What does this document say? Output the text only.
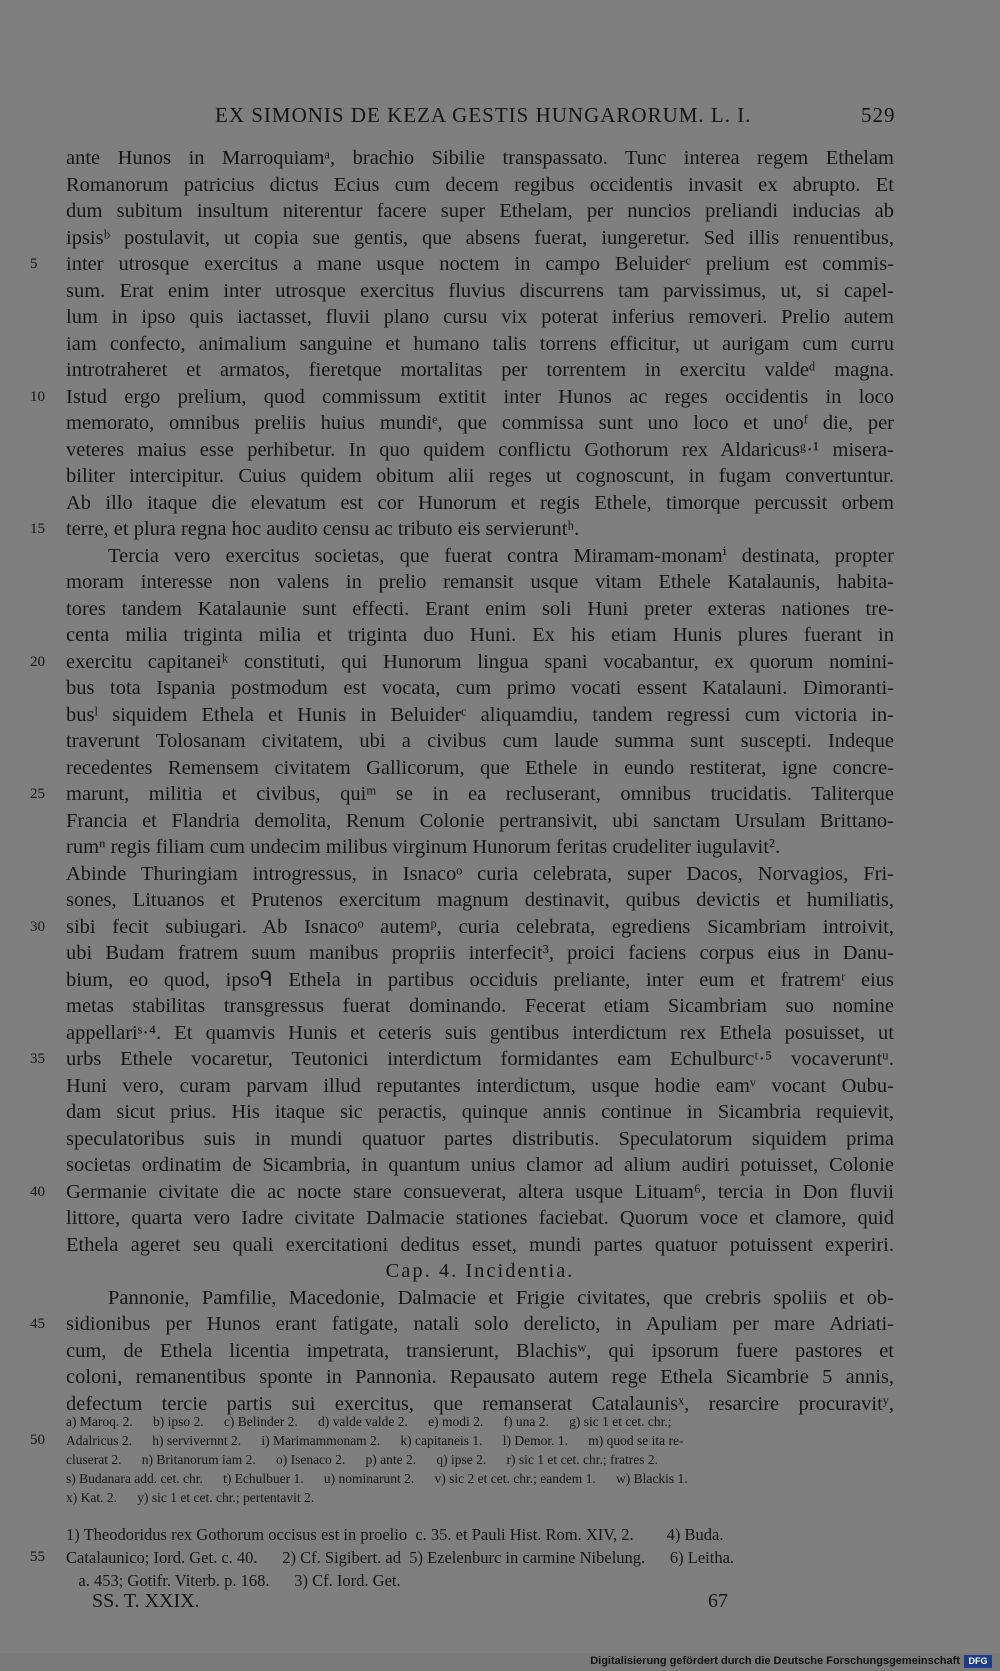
EX SIMONIS DE KEZA GESTIS HUNGARORUM. L. I.	529
ante Hunos in Marroquiamᵃ, brachio Sibilie transpassato. Tunc interea regem Ethelam
Romanorum patricius dictus Ecius cum decem regibus occidentis invasit ex abrupto. Et
dum subitum insultum niterentur facere super Ethelam, per nuncios preliandi inducias ab
ipsisᵇ postulavit, ut copia sue gentis, que absens fuerat, iungeretur. Sed illis renuentibus,
5	inter utrosque exercitus a mane usque noctem in campo Beluiderᶜ prelium est commis-
sum. Erat enim inter utrosque exercitus fluvius discurrens tam parvissimus, ut, si capel-
lum in ipso quis iactasset, fluvii plano cursu vix poterat inferius removeri. Prelio autem
iam confecto, animalium sanguine et humano talis torrens efficitur, ut aurigam cum curru
introtraheret et armatos, fieretque mortalitas per torrentem in exercitu valdeᵈ magna.
10	Istud ergo prelium, quod commissum extitit inter Hunos ac reges occidentis in loco
memorato, omnibus preliis huius mundiᵉ, que commissa sunt uno loco et unoᶠ die, per
veteres maius esse perhibetur. In quo quidem conflictu Gothorum rex Aldaricusᵍ·¹ misera-
biliter intercipitur. Cuius quidem obitum alii reges ut cognoscunt, in fugam convertuntur.
Ab illo itaque die elevatum est cor Hunorum et regis Ethele, timorque percussit orbem
15	terre, et plura regna hoc audito censu ac tributo eis servieruntʰ.
Tercia vero exercitus societas, que fuerat contra Miramam-monamⁱ destinata, propter
moram interesse non valens in prelio remansit usque vitam Ethele Katalaunis, habita-
tores tandem Katalaunie sunt effecti. Erant enim soli Huni preter exteras nationes tre-
centa milia triginta milia et triginta duo Huni. Ex his etiam Hunis plures fuerant in
20	exercitu capitaneiᵏ constituti, qui Hunorum lingua spani vocabantur, ex quorum nomini-
bus tota Ispania postmodum est vocata, cum primo vocati essent Katalauni. Dimoranti-
busˡ siquidem Ethela et Hunis in Beluiderᶜ aliquamdiu, tandem regressi cum victoria in-
traverunt Tolosanam civitatem, ubi a civibus cum laude summa sunt suscepti. Indeque
recedentes Remensem civitatem Gallicorum, que Ethele in eundo restiterat, igne concre-
25	marunt, militia et civibus, quiᵐ se in ea recluserant, omnibus trucidatis. Taliterque
Francia et Flandria demolita, Renum Colonie pertransivit, ubi sanctam Ursulam Brittano-
rumⁿ regis filiam cum undecim milibus virginum Hunorum feritas crudeliter iugulavit².
Abinde Thuringiam introgressus, in Isnacoᵒ curia celebrata, super Dacos, Norvagios, Fri-
sones, Lituanos et Prutenos exercitum magnum destinavit, quibus devictis et humiliatis,
30	sibi fecit subiugari. Ab Isnacoᵒ autemᵖ, curia celebrata, egrediens Sicambriam introivit,
ubi Budam fratrem suum manibus propriis interfecit³, proici faciens corpus eius in Danu-
bium, eo quod, ipsoᑫ Ethela in partibus occiduis preliante, inter eum et fratremʳ eius
metas stabilitas transgressus fuerat dominando. Fecerat etiam Sicambriam suo nomine
appellariˢ·⁴. Et quamvis Hunis et ceteris suis gentibus interdictum rex Ethela posuisset, ut
35	urbs Ethele vocaretur, Teutonici interdictum formidantes eam Echulburcᵗ·⁵ vocaveruntᵘ.
Huni vero, curam parvam illud reputantes interdictum, usque hodie eamᵛ vocant Oubu-
dam sicut prius. His itaque sic peractis, quinque annis continue in Sicambria requievit,
speculatoribus suis in mundi quatuor partes distributis. Speculatorum siquidem prima
societas ordinatim de Sicambria, in quantum unius clamor ad alium audiri potuisset, Colonie
40	Germanie civitate die ac nocte stare consueverat, altera usque Lituam⁶, tercia in Don fluvii
littore, quarta vero Iadre civitate Dalmacie stationes faciebat. Quorum voce et clamore, quid
Ethela ageret seu quali exercitationi deditus esset, mundi partes quatuor potuissent experiri.
Cap. 4. Incidentia.
Pannonie, Pamfilie, Macedonie, Dalmacie et Frigie civitates, que crebris spoliis et ob-
45	sidionibus per Hunos erant fatigate, natali solo derelicto, in Apuliam per mare Adriati-
cum, de Ethela licentia impetrata, transierunt, Blachisʷ, qui ipsorum fuere pastores et
coloni, remanentibus sponte in Pannonia. Repausato autem rege Ethela Sicambrie 5 annis,
defectum tercie partis sui exercitus, que remanserat Catalaunisˣ, resarcire procuravitʸ,
a) Maroq. 2.      b) ipso 2.      c) Belinder 2.      d) valde valde 2.      e) modi 2.      f) una 2.      g) sic 1 et cet. chr.;
50	Adalricus 2.      h) servivernnt 2.      i) Marimammonam 2.      k) capitaneis 1.      l) Demor. 1.      m) quod se ita re-
cluserat 2.      n) Britanorum iam 2.      o) Isenaco 2.      p) ante 2.      q) ipse 2.      r) sic 1 et cet. chr.; fratres 2.
s) Budanara add. cet. chr.      t) Echulbuer 1.      u) nominarunt 2.      v) sic 2 et cet. chr.; eandem 1.      w) Blackis 1.
x) Kat. 2.      y) sic 1 et cet. chr.; pertentavit 2.
1) Theodoridus rex Gothorum occisus est in proelio  c. 35. et Pauli Hist. Rom. XIV, 2.        4) Buda.
55	Catalaunico; Iord. Get. c. 40.      2) Cf. Sigibert. ad  5) Ezelenburc in carmine Nibelung.      6) Leitha.
a. 453; Gotifr. Viterb. p. 168.      3) Cf. Iord. Get.
SS. T. XXIX.	67
Digitalisierung gefördert durch die Deutsche Forschungsgemeinschaft DFG
